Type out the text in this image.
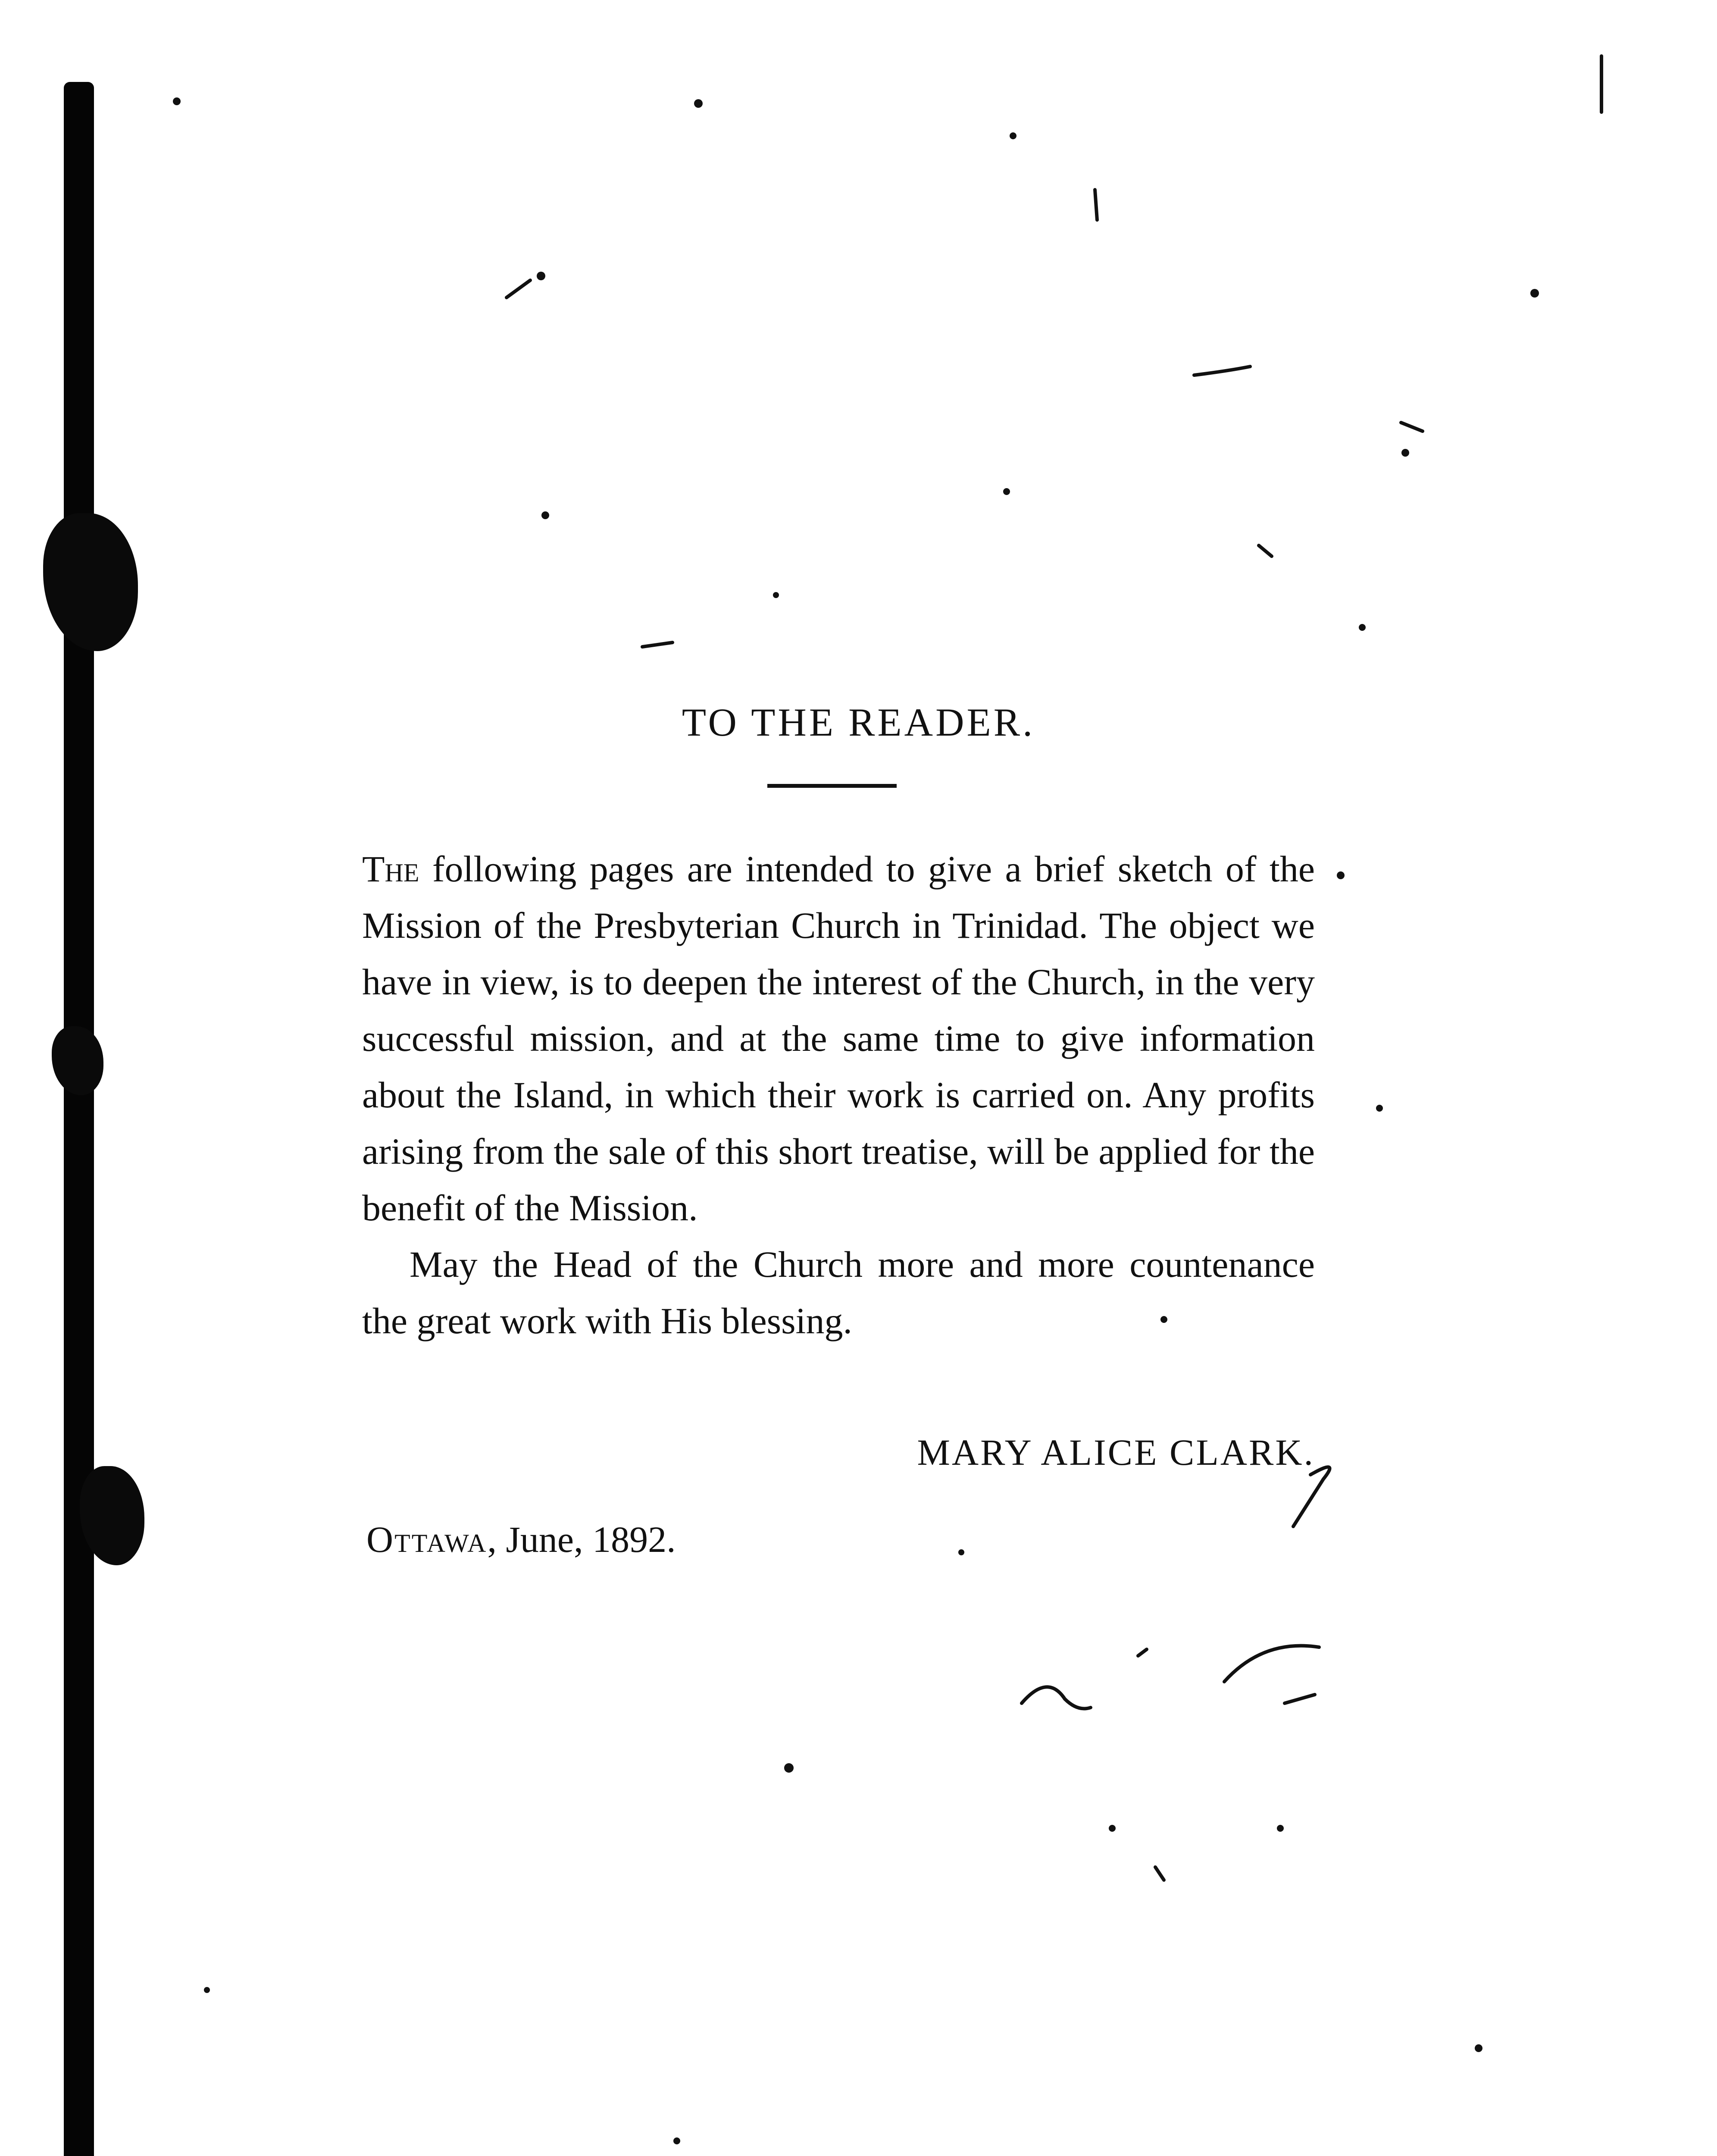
TO THE READER.

The following pages are intended to give a brief sketch of the Mission of the Presbyterian Church in Trinidad. The object we have in view, is to deepen the interest of the Church, in the very successful mission, and at the same time to give information about the Island, in which their work is carried on. Any profits arising from the sale of this short treatise, will be applied for the benefit of the Mission.

May the Head of the Church more and more countenance the great work with His blessing.

MARY ALICE CLARK.
Ottawa, June, 1892.
